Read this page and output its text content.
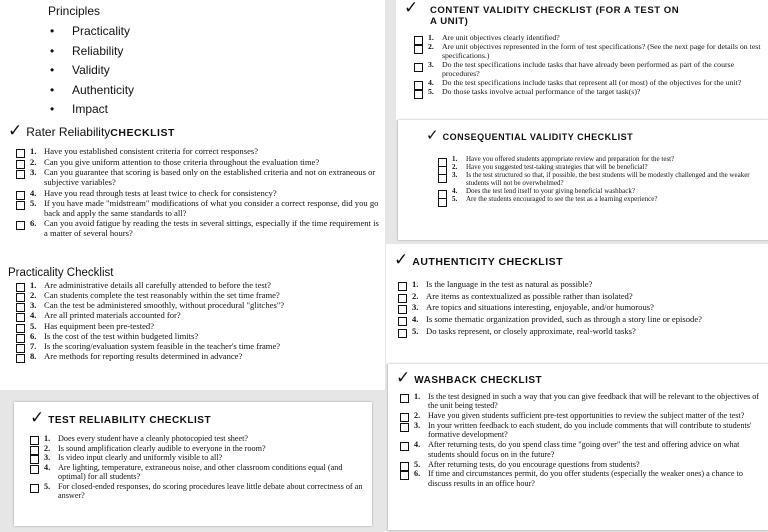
Principles
• Practicality
• Reliability
• Validity
• Authenticity
• Impact
✓ Rater ReliabilityCHECKLIST
1. Have you established consistent criteria for correct responses?
2. Can you give uniform attention to those criteria throughout the evaluation time?
3. Can you guarantee that scoring is based only on the established criteria and not on extraneous or subjective variables?
4. Have you read through tests at least twice to check for consistency?
5. If you have made "midstream" modifications of what you consider a correct response, did you go back and apply the same standards to all?
6. Can you avoid fatigue by reading the tests in several sittings, especially if the time requirement is a matter of several hours?
Practicality Checklist
1. Are administrative details all carefully attended to before the test?
2. Can students complete the test reasonably within the set time frame?
3. Can the test be administered smoothly, without procedural "glitches"?
4. Are all printed materials accounted for?
5. Has equipment been pre-tested?
6. Is the cost of the test within budgeted limits?
7. Is the scoring/evaluation system feasible in the teacher's time frame?
8. Are methods for reporting results determined in advance?
✓ TEST RELIABILITY CHECKLIST
1. Does every student have a cleanly photocopied test sheet?
2. Is sound amplification clearly audible to everyone in the room?
3. Is video input clearly and uniformly visible to all?
4. Are lighting, temperature, extraneous noise, and other classroom conditions equal (and optimal) for all students?
5. For closed-ended responses, do scoring procedures leave little debate about correctness of an answer?
✓ CONTENT VALIDITY CHECKLIST (FOR A TEST ON A UNIT)
1. Are unit objectives clearly identified?
2. Are unit objectives represented in the form of test specifications? (See the next page for details on test specifications.)
3. Do the test specifications include tasks that have already been performed as part of the course procedures?
4. Do the test specifications include tasks that represent all (or most) of the objectives for the unit?
5. Do those tasks involve actual performance of the target task(s)?
✓ CONSEQUENTIAL VALIDITY CHECKLIST
1. Have you offered students appropriate review and preparation for the test?
2. Have you suggested test-taking strategies that will be beneficial?
3. Is the test structured so that, if possible, the best students will be modestly challenged and the weaker students will not be overwhelmed?
4. Does the test lend itself to your giving beneficial washback?
5. Are the students encouraged to see the test as a learning experience?
✓ AUTHENTICITY CHECKLIST
1. Is the language in the test as natural as possible?
2. Are items as contextualized as possible rather than isolated?
3. Are topics and situations interesting, enjoyable, and/or humorous?
4. Is some thematic organization provided, such as through a story line or episode?
5. Do tasks represent, or closely approximate, real-world tasks?
✓ WASHBACK CHECKLIST
1. Is the test designed in such a way that you can give feedback that will be relevant to the objectives of the unit being tested?
2. Have you given students sufficient pre-test opportunities to review the subject matter of the test?
3. In your written feedback to each student, do you include comments that will contribute to students' formative development?
4. After returning tests, do you spend class time "going over" the test and offering advice on what students should focus on in the future?
5. After returning tests, do you encourage questions from students?
6. If time and circumstances permit, do you offer students (especially the weaker ones) a chance to discuss results in an office hour?
